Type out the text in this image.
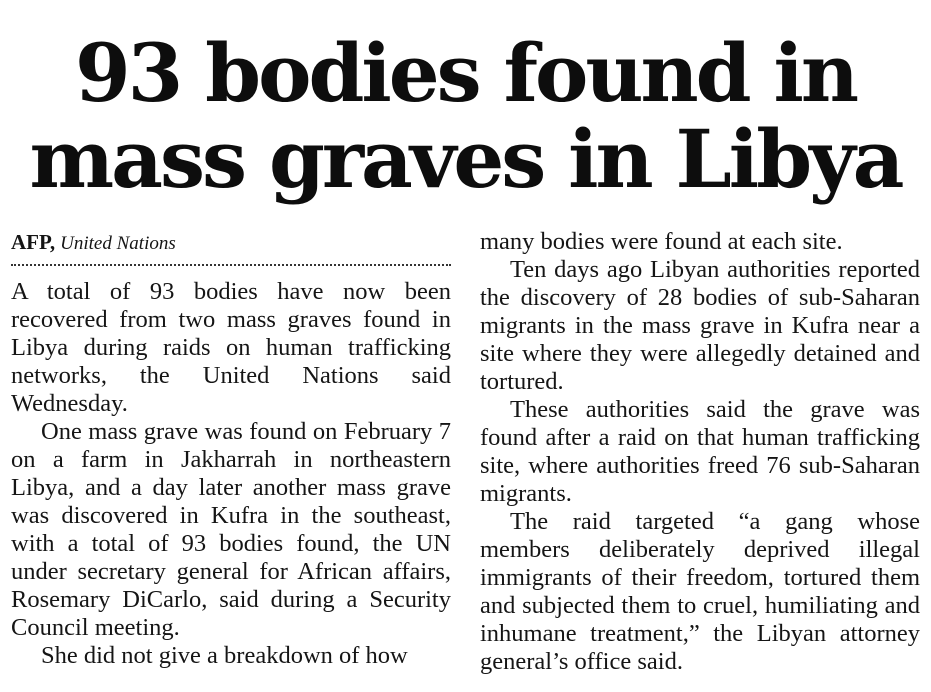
93 bodies found in mass graves in Libya
AFP, United Nations

A total of 93 bodies have now been recovered from two mass graves found in Libya during raids on human trafficking networks, the United Nations said Wednesday.

One mass grave was found on February 7 on a farm in Jakharrah in northeastern Libya, and a day later another mass grave was discovered in Kufra in the southeast, with a total of 93 bodies found, the UN under secretary general for African affairs, Rosemary DiCarlo, said during a Security Council meeting.

She did not give a breakdown of how

many bodies were found at each site.

Ten days ago Libyan authorities reported the discovery of 28 bodies of sub-Saharan migrants in the mass grave in Kufra near a site where they were allegedly detained and tortured.

These authorities said the grave was found after a raid on that human trafficking site, where authorities freed 76 sub-Saharan migrants.

The raid targeted “a gang whose members deliberately deprived illegal immigrants of their freedom, tortured them and subjected them to cruel, humiliating and inhumane treatment,” the Libyan attorney general’s office said.
